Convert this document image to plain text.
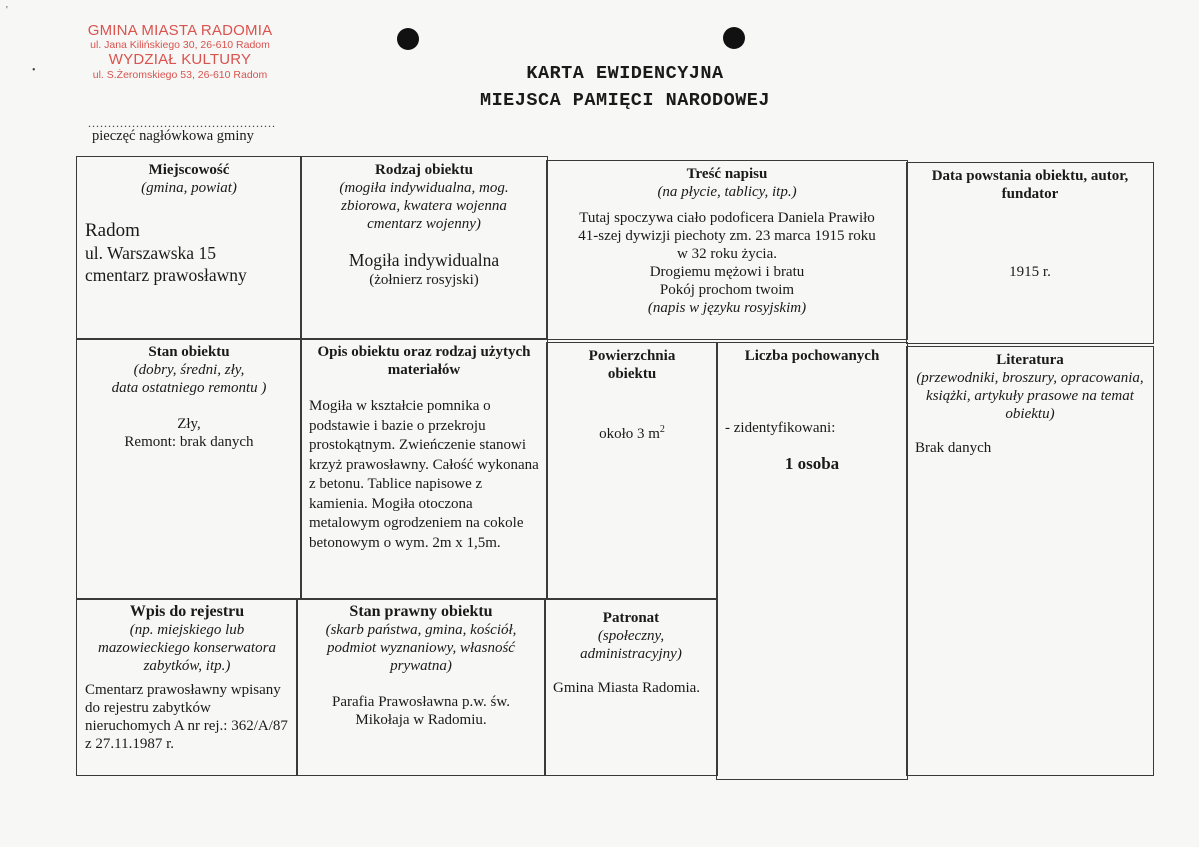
'
•
GMINA MIASTA RADOMIA
ul. Jana Kilińskiego 30, 26-610 Radom
WYDZIAŁ KULTURY
ul. S.Żeromskiego 53, 26-610 Radom
...............................................
pieczęć nagłówkowa gminy
KARTA EWIDENCYJNA
MIEJSCA PAMIĘCI NARODOWEJ
Miejscowość
(gmina, powiat)
Radom
ul. Warszawska 15
cmentarz prawosławny
Rodzaj obiektu
(mogiła indywidualna, mog. zbiorowa, kwatera wojenna cmentarz wojenny)
Mogiła indywidualna
(żołnierz rosyjski)
Treść napisu
(na płycie, tablicy, itp.)
Tutaj spoczywa ciało podoficera Daniela Prawiło
41-szej dywizji piechoty zm. 23 marca 1915 roku
w 32 roku życia.
Drogiemu mężowi i bratu
Pokój prochom twoim
(napis w języku rosyjskim)
Data powstania obiektu, autor, fundator
1915 r.
Stan obiektu
(dobry, średni, zły,
data ostatniego remontu )
Zły,
Remont: brak danych
Opis obiektu oraz rodzaj użytych materiałów
Mogiła w kształcie pomnika o podstawie i bazie o przekroju prostokątnym. Zwieńczenie stanowi krzyż prawosławny. Całość wykonana z betonu. Tablice napisowe z kamienia. Mogiła otoczona metalowym ogrodzeniem na cokole betonowym o wym. 2m x 1,5m.
Powierzchnia obiektu
około 3 $m^2$
Liczba pochowanych
- zidentyfikowani:
1 osoba
Literatura
(przewodniki, broszury, opracowania, książki, artykuły prasowe na temat obiektu)
Brak danych
Wpis do rejestru
(np. miejskiego lub mazowieckiego konserwatora zabytków, itp.)
Cmentarz prawosławny wpisany do rejestru zabytków nieruchomych A nr rej.: 362/A/87 z 27.11.1987 r.
Stan prawny obiektu
(skarb państwa, gmina, kościół, podmiot wyznaniowy, własność prywatna)
Parafia Prawosławna p.w. św. Mikołaja w Radomiu.
Patronat
(społeczny, administracyjny)
Gmina Miasta Radomia.
